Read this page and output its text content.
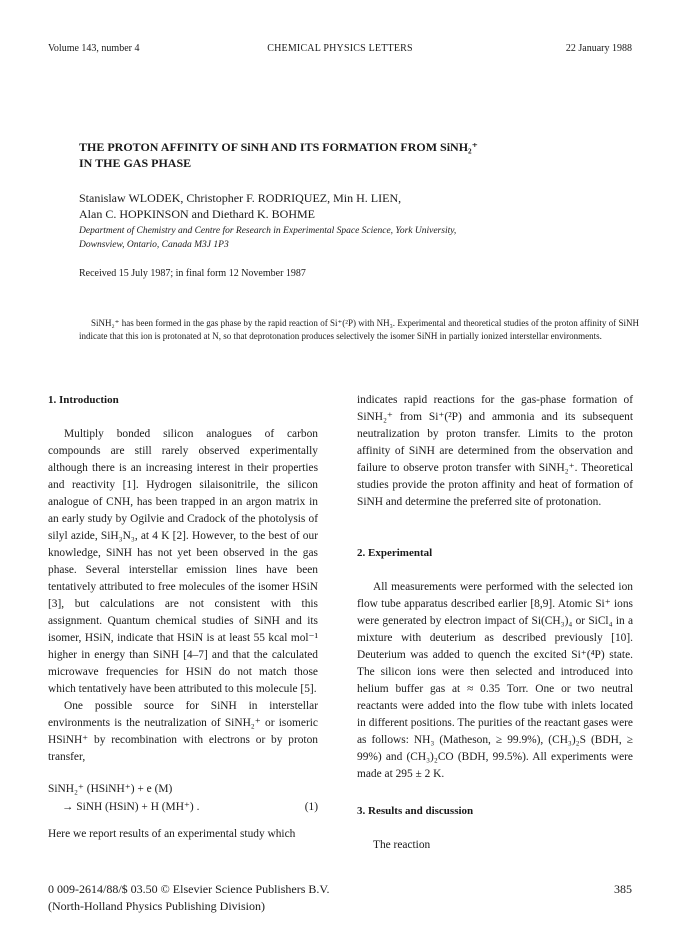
Volume 143, number 4	CHEMICAL PHYSICS LETTERS	22 January 1988
THE PROTON AFFINITY OF SiNH AND ITS FORMATION FROM SiNH₂⁺
IN THE GAS PHASE
Stanislaw WLODEK, Christopher F. RODRIQUEZ, Min H. LIEN,
Alan C. HOPKINSON and Diethard K. BOHME
Department of Chemistry and Centre for Research in Experimental Space Science, York University,
Downsview, Ontario, Canada M3J 1P3
Received 15 July 1987; in final form 12 November 1987

SiNH₂⁺ has been formed in the gas phase by the rapid reaction of Si⁺(²P) with NH₃. Experimental and theoretical studies of the proton affinity of SiNH indicate that this ion is protonated at N, so that deprotonation produces selectively the isomer SiNH in partially ionized interstellar environments.

1. Introduction

Multiply bonded silicon analogues of carbon compounds are still rarely observed experimentally although there is an increasing interest in their properties and reactivity [1]. Hydrogen silaisonitrile, the silicon analogue of CNH, has been trapped in an argon matrix in an early study by Ogilvie and Cradock of the photolysis of silyl azide, SiH₃N₃, at 4 K [2]. However, to the best of our knowledge, SiNH has not yet been observed in the gas phase. Several interstellar emission lines have been tentatively attributed to free molecules of the isomer HSiN [3], but calculations are not consistent with this assignment. Quantum chemical studies of SiNH and its isomer, HSiN, indicate that HSiN is at least 55 kcal mol⁻¹ higher in energy than SiNH [4–7] and that the calculated microwave frequencies for HSiN do not match those which tentatively have been attributed to this molecule [5].

One possible source for SiNH in interstellar environments is the neutralization of SiNH₂⁺ or isomeric HSiNH⁺ by recombination with electrons or by proton transfer,

SiNH₂⁺ (HSiNH⁺) + e (M)
→ SiNH (HSiN) + H (MH⁺) .	(1)

Here we report results of an experimental study which

indicates rapid reactions for the gas-phase formation of SiNH₂⁺ from Si⁺(²P) and ammonia and its subsequent neutralization by proton transfer. Limits to the proton affinity of SiNH are determined from the observation and failure to observe proton transfer with SiNH₂⁺. Theoretical studies provide the proton affinity and heat of formation of SiNH and determine the preferred site of protonation.

2. Experimental

All measurements were performed with the selected ion flow tube apparatus described earlier [8,9]. Atomic Si⁺ ions were generated by electron impact of Si(CH₃)₄ or SiCl₄ in a mixture with deuterium as described previously [10]. Deuterium was added to quench the excited Si⁺(⁴P) state. The silicon ions were then selected and introduced into helium buffer gas at ≈ 0.35 Torr. One or two neutral reactants were added into the flow tube with inlets located in different positions. The purities of the reactant gases were as follows: NH₃ (Matheson, ≥ 99.9%), (CH₃)₂S (BDH, ≥ 99%) and (CH₃)₂CO (BDH, 99.5%). All experiments were made at 295 ± 2 K.

3. Results and discussion

The reaction

0 009-2614/88/$ 03.50 © Elsevier Science Publishers B.V.
(North-Holland Physics Publishing Division)
385
